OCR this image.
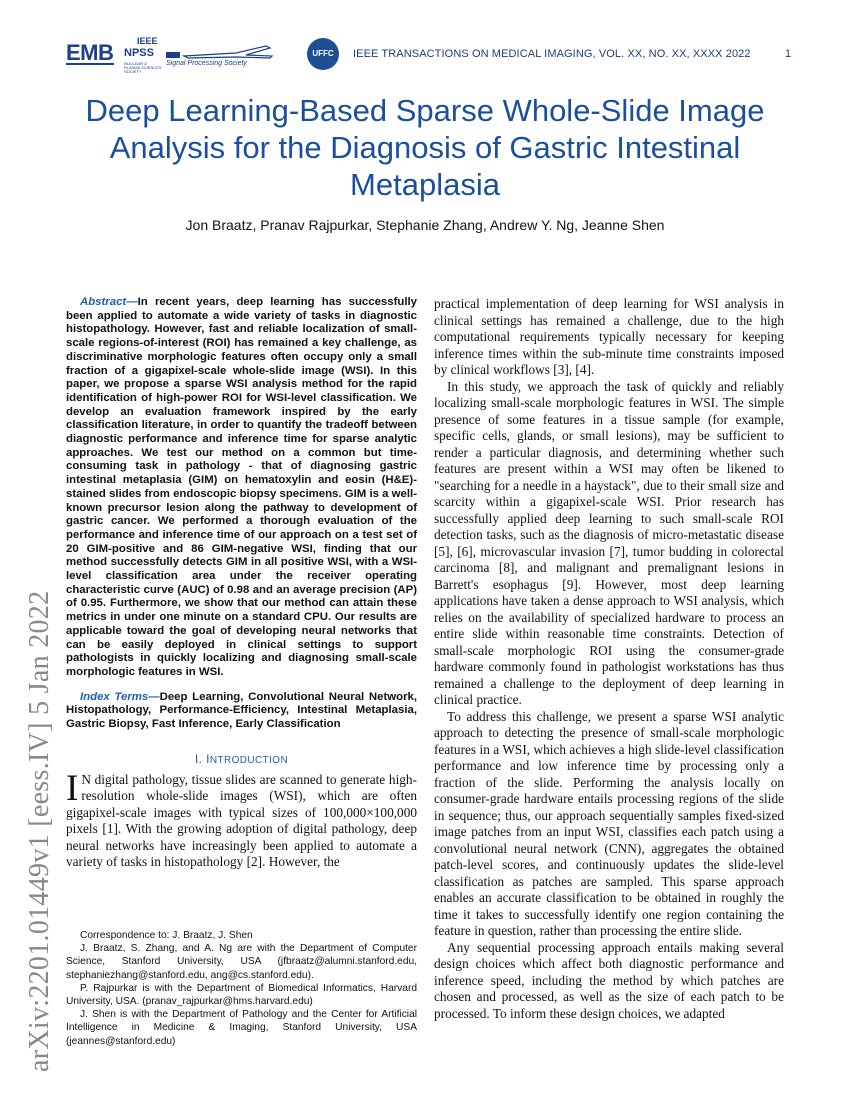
EMB	IEEE
NPSS
NUCLEAR & PLASMA SCIENCES SOCIETY
Signal Processing Society
UFFC	IEEE TRANSACTIONS ON MEDICAL IMAGING, VOL. XX, NO. XX, XXXX 2022	1
Deep Learning-Based Sparse Whole-Slide Image Analysis for the Diagnosis of Gastric Intestinal Metaplasia
Jon Braatz, Pranav Rajpurkar, Stephanie Zhang, Andrew Y. Ng, Jeanne Shen
arXiv:2201.01449v1 [eess.IV] 5 Jan 2022

Abstract—In recent years, deep learning has successfully been applied to automate a wide variety of tasks in diagnostic histopathology. However, fast and reliable localization of small-scale regions-of-interest (ROI) has remained a key challenge, as discriminative morphologic features often occupy only a small fraction of a gigapixel-scale whole-slide image (WSI). In this paper, we propose a sparse WSI analysis method for the rapid identification of high-power ROI for WSI-level classification. We develop an evaluation framework inspired by the early classification literature, in order to quantify the tradeoff between diagnostic performance and inference time for sparse analytic approaches. We test our method on a common but time-consuming task in pathology - that of diagnosing gastric intestinal metaplasia (GIM) on hematoxylin and eosin (H&E)-stained slides from endoscopic biopsy specimens. GIM is a well-known precursor lesion along the pathway to development of gastric cancer. We performed a thorough evaluation of the performance and inference time of our approach on a test set of 20 GIM-positive and 86 GIM-negative WSI, finding that our method successfully detects GIM in all positive WSI, with a WSI-level classification area under the receiver operating characteristic curve (AUC) of 0.98 and an average precision (AP) of 0.95. Furthermore, we show that our method can attain these metrics in under one minute on a standard CPU. Our results are applicable toward the goal of developing neural networks that can be easily deployed in clinical settings to support pathologists in quickly localizing and diagnosing small-scale morphologic features in WSI.

Index Terms—Deep Learning, Convolutional Neural Network, Histopathology, Performance-Efficiency, Intestinal Metaplasia, Gastric Biopsy, Fast Inference, Early Classification

I. INTRODUCTION

I N digital pathology, tissue slides are scanned to generate high-resolution whole-slide images (WSI), which are often gigapixel-scale images with typical sizes of 100,000×100,000 pixels [1]. With the growing adoption of digital pathology, deep neural networks have increasingly been applied to automate a variety of tasks in histopathology [2]. However, the

Correspondence to: J. Braatz, J. Shen

J. Braatz, S. Zhang, and A. Ng are with the Department of Computer Science, Stanford University, USA (jfbraatz@alumni.stanford.edu, stephaniezhang@stanford.edu, ang@cs.stanford.edu).

P. Rajpurkar is with the Department of Biomedical Informatics, Harvard University, USA. (pranav_rajpurkar@hms.harvard.edu)

J. Shen is with the Department of Pathology and the Center for Artificial Intelligence in Medicine & Imaging, Stanford University, USA (jeannes@stanford.edu)

practical implementation of deep learning for WSI analysis in clinical settings has remained a challenge, due to the high computational requirements typically necessary for keeping inference times within the sub-minute time constraints imposed by clinical workflows [3], [4].

In this study, we approach the task of quickly and reliably localizing small-scale morphologic features in WSI. The simple presence of some features in a tissue sample (for example, specific cells, glands, or small lesions), may be sufficient to render a particular diagnosis, and determining whether such features are present within a WSI may often be likened to "searching for a needle in a haystack", due to their small size and scarcity within a gigapixel-scale WSI. Prior research has successfully applied deep learning to such small-scale ROI detection tasks, such as the diagnosis of micro-metastatic disease [5], [6], microvascular invasion [7], tumor budding in colorectal carcinoma [8], and malignant and premalignant lesions in Barrett's esophagus [9]. However, most deep learning applications have taken a dense approach to WSI analysis, which relies on the availability of specialized hardware to process an entire slide within reasonable time constraints. Detection of small-scale morphologic ROI using the consumer-grade hardware commonly found in pathologist workstations has thus remained a challenge to the deployment of deep learning in clinical practice.

To address this challenge, we present a sparse WSI analytic approach to detecting the presence of small-scale morphologic features in a WSI, which achieves a high slide-level classification performance and low inference time by processing only a fraction of the slide. Performing the analysis locally on consumer-grade hardware entails processing regions of the slide in sequence; thus, our approach sequentially samples fixed-sized image patches from an input WSI, classifies each patch using a convolutional neural network (CNN), aggregates the obtained patch-level scores, and continuously updates the slide-level classification as patches are sampled. This sparse approach enables an accurate classification to be obtained in roughly the time it takes to successfully identify one region containing the feature in question, rather than processing the entire slide.

Any sequential processing approach entails making several design choices which affect both diagnostic performance and inference speed, including the method by which patches are chosen and processed, as well as the size of each patch to be processed. To inform these design choices, we adapted
